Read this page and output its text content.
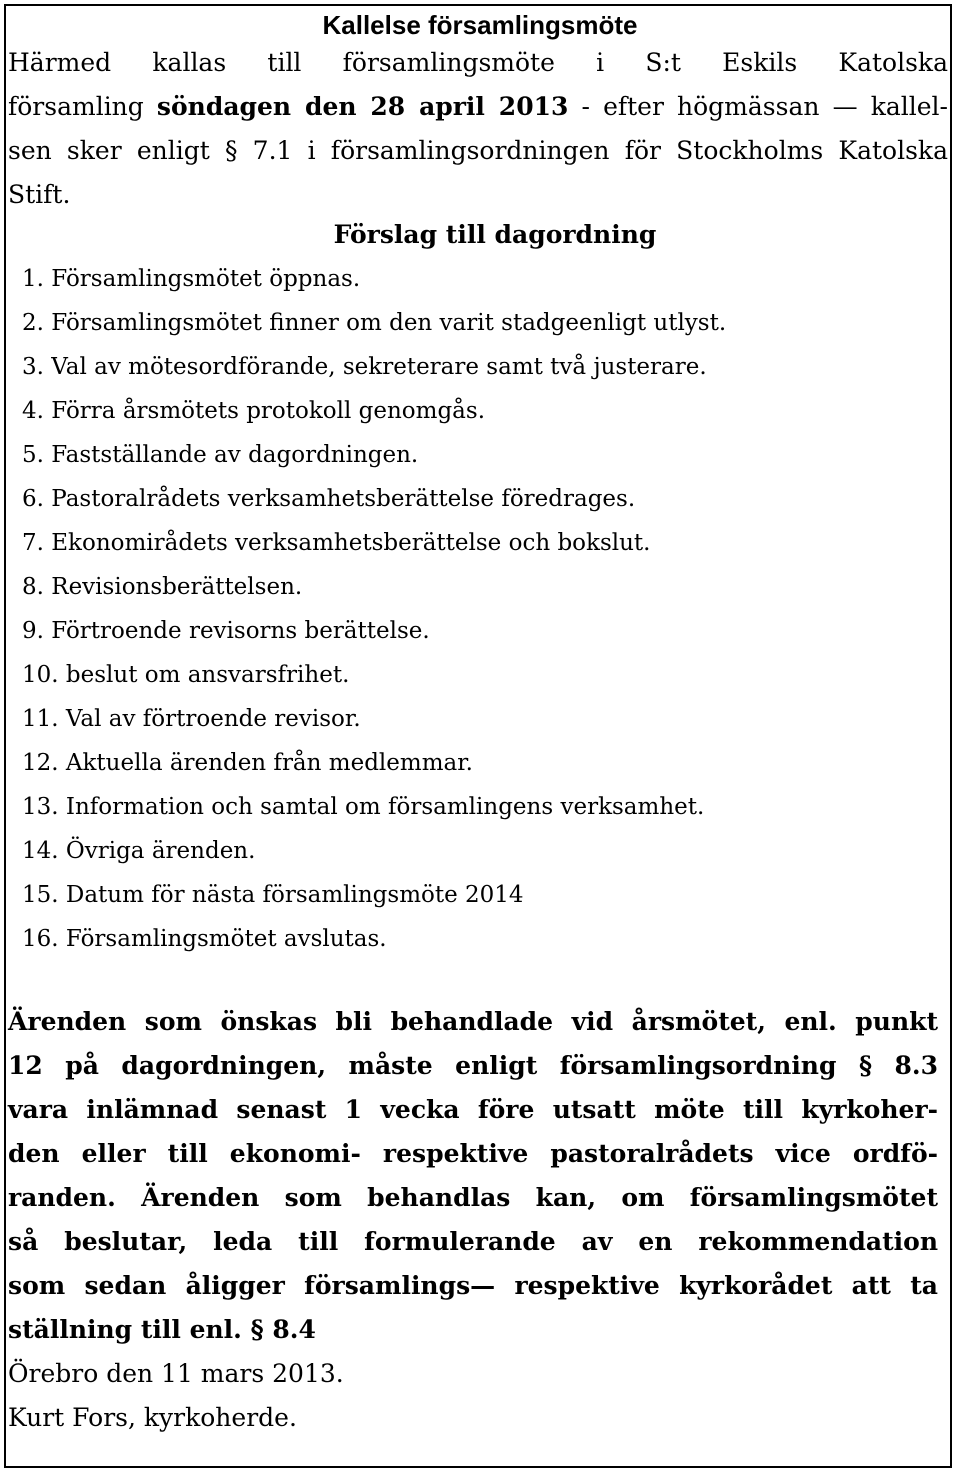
Kallelse församlingsmöte
Härmed kallas till församlingsmöte i S:t Eskils Katolska
församling söndagen den 28 april 2013 - efter högmässan — kallel-
sen sker enligt § 7.1 i församlingsordningen för Stockholms Katolska
Stift.
Förslag till dagordning
1. Församlingsmötet öppnas.
2. Församlingsmötet finner om den varit stadgeenligt utlyst.
3. Val av mötesordförande, sekreterare samt två justerare.
4. Förra årsmötets protokoll genomgås.
5. Fastställande av dagordningen.
6. Pastoralrådets verksamhetsberättelse föredrages.
7. Ekonomirådets verksamhetsberättelse och bokslut.
8. Revisionsberättelsen.
9. Förtroende revisorns berättelse.
10. beslut om ansvarsfrihet.
11. Val av förtroende revisor.
12. Aktuella ärenden från medlemmar.
13. Information och samtal om församlingens verksamhet.
14. Övriga ärenden.
15. Datum för nästa församlingsmöte 2014
16. Församlingsmötet avslutas.
Ärenden som önskas bli behandlade vid årsmötet, enl. punkt
12 på dagordningen, måste enligt församlingsordning § 8.3
vara inlämnad senast 1 vecka före utsatt möte till kyrkoher-
den eller till ekonomi- respektive pastoralrådets vice ordfö-
randen. Ärenden som behandlas kan, om församlingsmötet
så beslutar, leda till formulerande av en rekommendation
som sedan åligger församlings— respektive kyrkorådet att ta
ställning till enl. § 8.4
Örebro den 11 mars 2013.
Kurt Fors, kyrkoherde.
